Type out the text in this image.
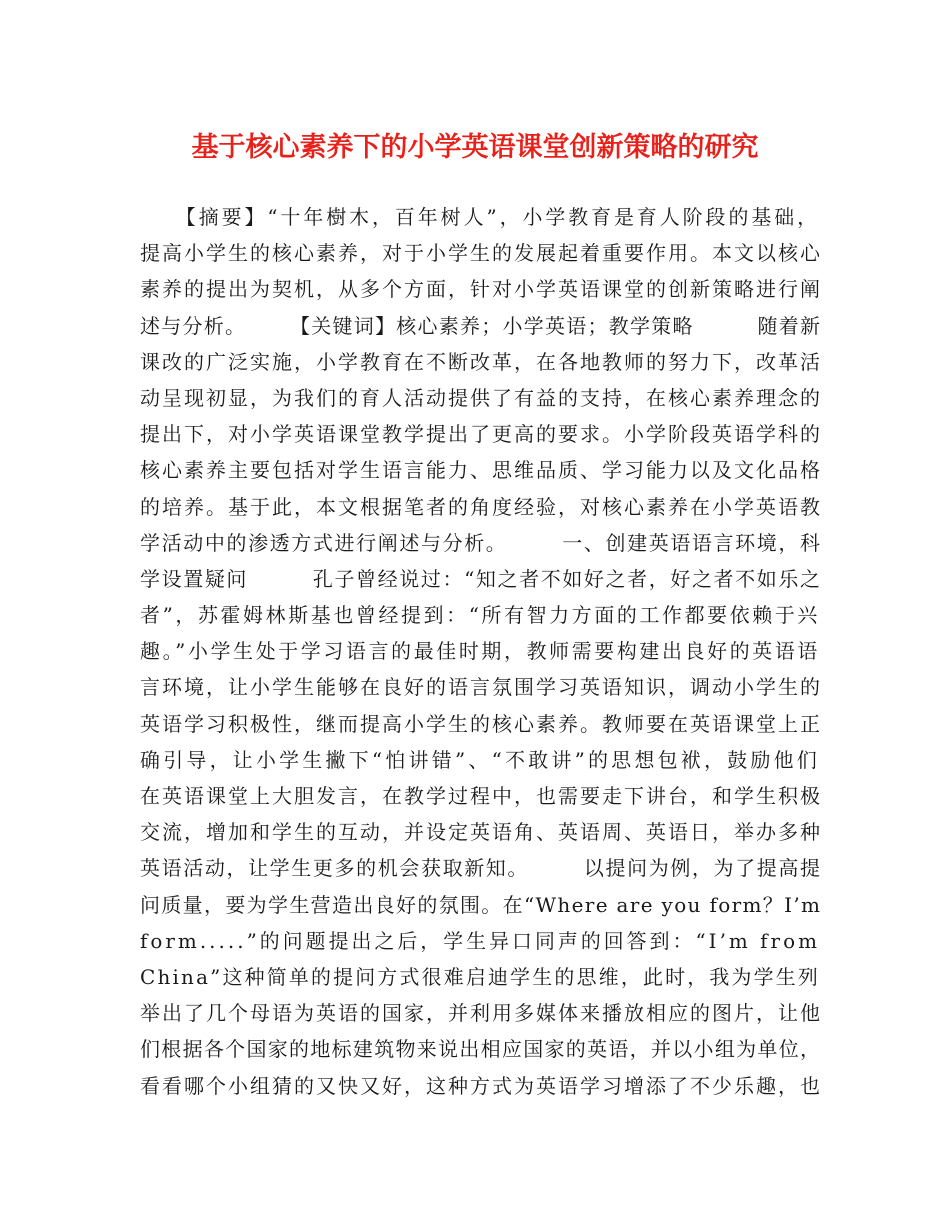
基于核心素养下的小学英语课堂创新策略的研究
　　【摘要】“十年樹木，百年树人”，小学教育是育人阶段的基础，
提高小学生的核心素养，对于小学生的发展起着重要作用。本文以核心
素养的提出为契机，从多个方面，针对小学英语课堂的创新策略进行阐
述与分析。　　　【关键词】核心素养；小学英语；教学策略　　　随着新
课改的广泛实施，小学教育在不断改革，在各地教师的努力下，改革活
动呈现初显，为我们的育人活动提供了有益的支持，在核心素养理念的
提出下，对小学英语课堂教学提出了更高的要求。小学阶段英语学科的
核心素养主要包括对学生语言能力、思维品质、学习能力以及文化品格
的培养。基于此，本文根据笔者的角度经验，对核心素养在小学英语教
学活动中的渗透方式进行阐述与分析。　　　一、创建英语语言环境，科
学设置疑问　　　孔子曾经说过：“知之者不如好之者，好之者不如乐之
者”，苏霍姆林斯基也曾经提到：“所有智力方面的工作都要依赖于兴
趣。”小学生处于学习语言的最佳时期，教师需要构建出良好的英语语
言环境，让小学生能够在良好的语言氛围学习英语知识，调动小学生的
英语学习积极性，继而提高小学生的核心素养。教师要在英语课堂上正
确引导，让小学生撇下“怕讲错”、“不敢讲”的思想包袱，鼓励他们
在英语课堂上大胆发言，在教学过程中，也需要走下讲台，和学生积极
交流，增加和学生的互动，并设定英语角、英语周、英语日，举办多种
英语活动，让学生更多的机会获取新知。　　　以提问为例，为了提高提
问质量，要为学生营造出良好的氛围。在“Where are you form？I’m
form.....”的问题提出之后，学生异口同声的回答到：“I’m from
China”这种简单的提问方式很难启迪学生的思维，此时，我为学生列
举出了几个母语为英语的国家，并利用多媒体来播放相应的图片，让他
们根据各个国家的地标建筑物来说出相应国家的英语，并以小组为单位，
看看哪个小组猜的又快又好，这种方式为英语学习增添了不少乐趣，也
